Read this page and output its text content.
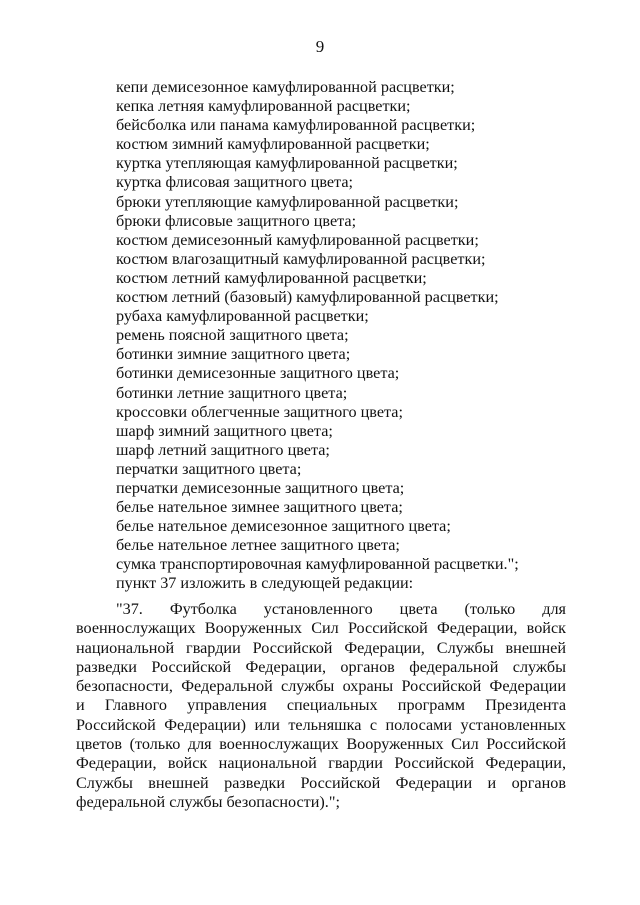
9
кепи демисезонное камуфлированной расцветки;
кепка летняя камуфлированной расцветки;
бейсболка или панама камуфлированной расцветки;
костюм зимний камуфлированной расцветки;
куртка утепляющая камуфлированной расцветки;
куртка флисовая защитного цвета;
брюки утепляющие камуфлированной расцветки;
брюки флисовые защитного цвета;
костюм демисезонный камуфлированной расцветки;
костюм влагозащитный камуфлированной расцветки;
костюм летний камуфлированной расцветки;
костюм летний (базовый) камуфлированной расцветки;
рубаха камуфлированной расцветки;
ремень поясной защитного цвета;
ботинки зимние защитного цвета;
ботинки демисезонные защитного цвета;
ботинки летние защитного цвета;
кроссовки облегченные защитного цвета;
шарф зимний защитного цвета;
шарф летний защитного цвета;
перчатки защитного цвета;
перчатки демисезонные защитного цвета;
белье нательное зимнее защитного цвета;
белье нательное демисезонное защитного цвета;
белье нательное летнее защитного цвета;
сумка транспортировочная камуфлированной расцветки.";
пункт 37 изложить в следующей редакции:
"37. Футболка установленного цвета (только для
военнослужащих Вооруженных Сил Российской Федерации, войск
национальной гвардии Российской Федерации, Службы внешней
разведки Российской Федерации, органов федеральной службы
безопасности, Федеральной службы охраны Российской Федерации
и Главного управления специальных программ Президента
Российской Федерации) или тельняшка с полосами установленных
цветов (только для военнослужащих Вооруженных Сил Российской
Федерации, войск национальной гвардии Российской Федерации,
Службы внешней разведки Российской Федерации и органов
федеральной службы безопасности).";
